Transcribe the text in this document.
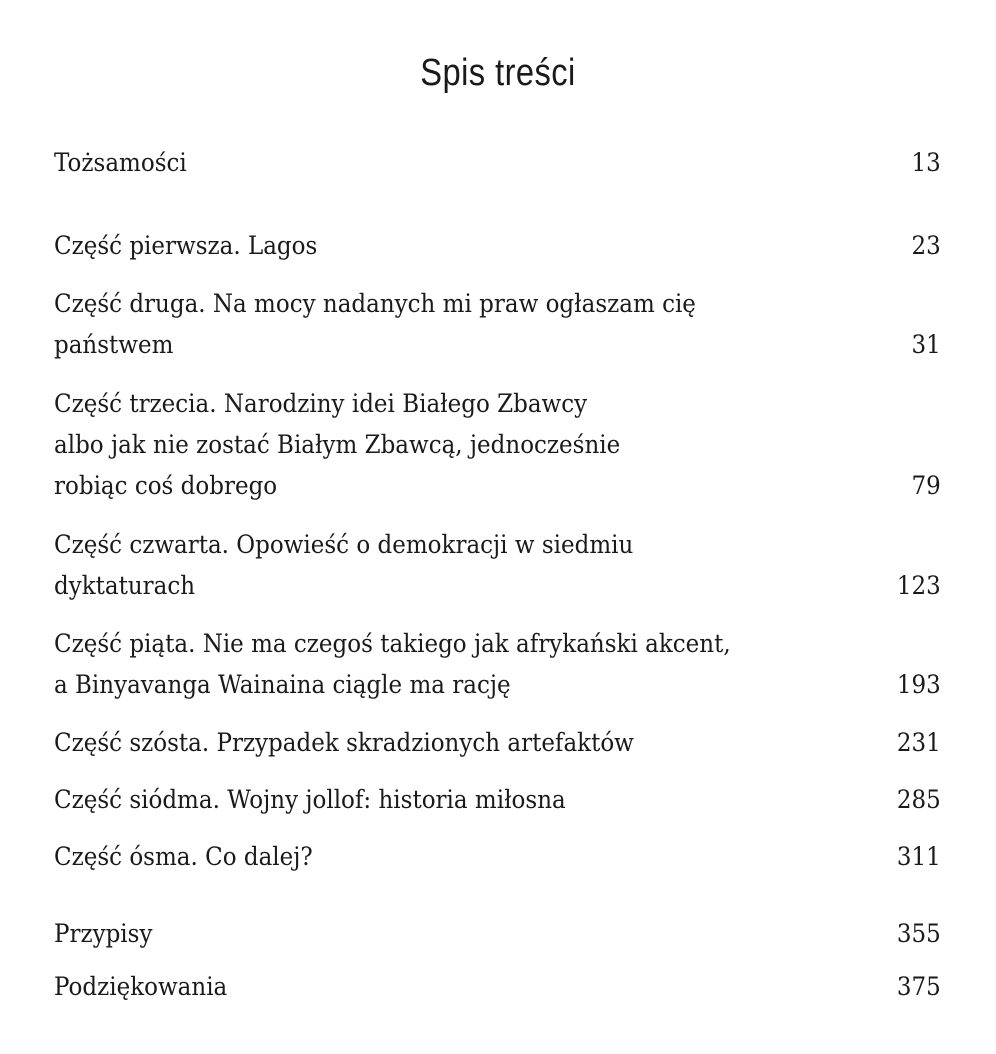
Spis treści
Tożsamości	13
Część pierwsza. Lagos	23
Część druga. Na mocy nadanych mi praw ogłaszam cię
państwem	31
Część trzecia. Narodziny idei Białego Zbawcy
albo jak nie zostać Białym Zbawcą, jednocześnie
robiąc coś dobrego	79
Część czwarta. Opowieść o demokracji w siedmiu
dyktaturach	123
Część piąta. Nie ma czegoś takiego jak afrykański akcent,
a Binyavanga Wainaina ciągle ma rację	193
Część szósta. Przypadek skradzionych artefaktów	231
Część siódma. Wojny jollof: historia miłosna	285
Część ósma. Co dalej?	311
Przypisy	355
Podziękowania	375
